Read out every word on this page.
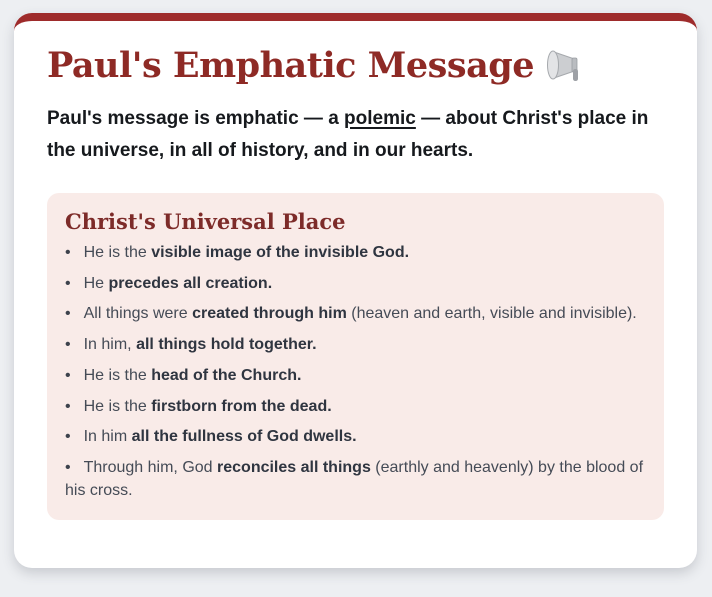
Paul's Emphatic Message

Paul's message is emphatic — a polemic — about Christ's place in the universe, in all of history, and in our hearts.

Christ's Universal Place
• He is the visible image of the invisible God.
• He precedes all creation.
• All things were created through him (heaven and earth, visible and invisible).
• In him, all things hold together.
• He is the head of the Church.
• He is the firstborn from the dead.
• In him all the fullness of God dwells.
• Through him, God reconciles all things (earthly and heavenly) by the blood of his cross.
